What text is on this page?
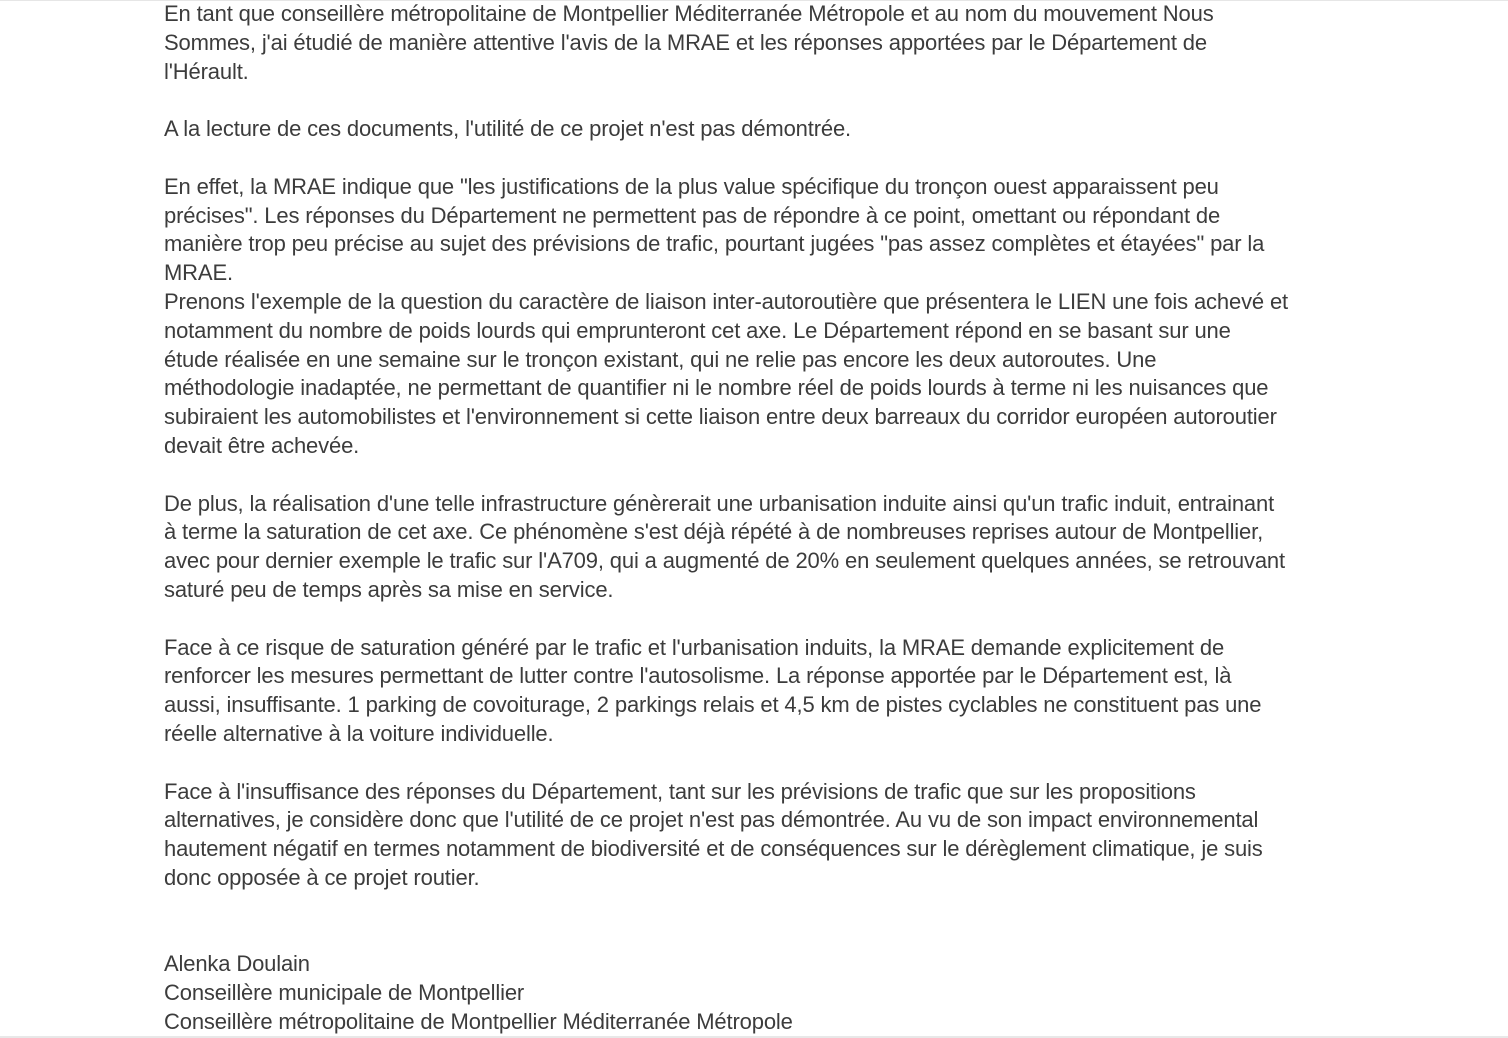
En tant que conseillère métropolitaine de Montpellier Méditerranée Métropole et au nom du mouvement Nous Sommes, j'ai étudié de manière attentive l'avis de la MRAE et les réponses apportées par le Département de l'Hérault.

A la lecture de ces documents, l'utilité de ce projet n'est pas démontrée.

En effet, la MRAE indique que "les justifications de la plus value spécifique du tronçon ouest apparaissent peu précises". Les réponses du Département ne permettent pas de répondre à ce point, omettant ou répondant de manière trop peu précise au sujet des prévisions de trafic, pourtant jugées "pas assez complètes et étayées" par la MRAE.

Prenons l'exemple de la question du caractère de liaison inter-autoroutière que présentera le LIEN une fois achevé et notamment du nombre de poids lourds qui emprunteront cet axe. Le Département répond en se basant sur une étude réalisée en une semaine sur le tronçon existant, qui ne relie pas encore les deux autoroutes. Une méthodologie inadaptée, ne permettant de quantifier ni le nombre réel de poids lourds à terme ni les nuisances que subiraient les automobilistes et l'environnement si cette liaison entre deux barreaux du corridor européen autoroutier devait être achevée.

De plus, la réalisation d'une telle infrastructure génèrerait une urbanisation induite ainsi qu'un trafic induit, entrainant à terme la saturation de cet axe. Ce phénomène s'est déjà répété à de nombreuses reprises autour de Montpellier, avec pour dernier exemple le trafic sur l'A709, qui a augmenté de 20% en seulement quelques années, se retrouvant saturé peu de temps après sa mise en service.

Face à ce risque de saturation généré par le trafic et l'urbanisation induits, la MRAE demande explicitement de renforcer les mesures permettant de lutter contre l'autosolisme. La réponse apportée par le Département est, là aussi, insuffisante. 1 parking de covoiturage, 2 parkings relais et 4,5 km de pistes cyclables ne constituent pas une réelle alternative à la voiture individuelle.

Face à l'insuffisance des réponses du Département, tant sur les prévisions de trafic que sur les propositions alternatives, je considère donc que l'utilité de ce projet n'est pas démontrée. Au vu de son impact environnemental hautement négatif en termes notamment de biodiversité et de conséquences sur le dérèglement climatique, je suis donc opposée à ce projet routier.

Alenka Doulain
Conseillère municipale de Montpellier
Conseillère métropolitaine de Montpellier Méditerranée Métropole
